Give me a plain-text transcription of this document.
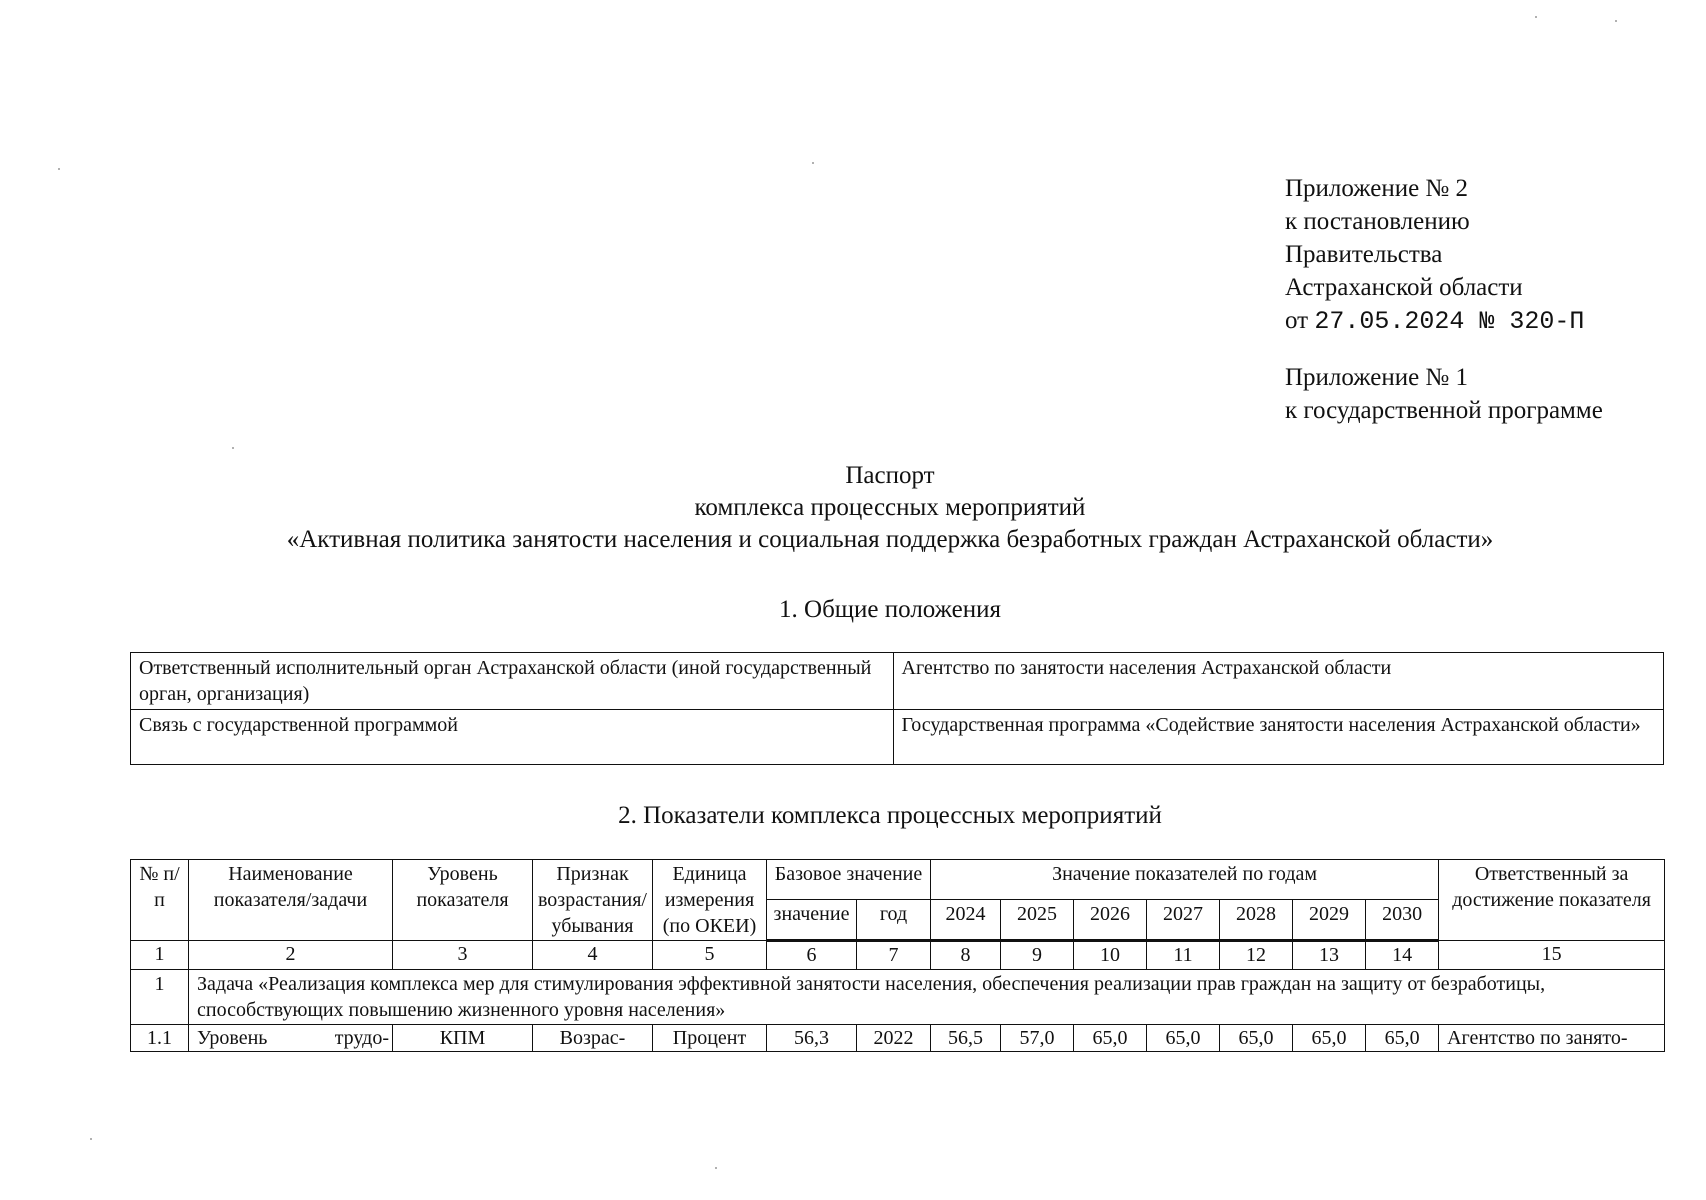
Приложение № 2
к постановлению
Правительства
Астраханской области
от 27.05.2024 № 320-П
Приложение № 1
к государственной программе
Паспорт
комплекса процессных мероприятий
«Активная политика занятости населения и социальная поддержка безработных граждан Астраханской области»
1. Общие положения
Ответственный исполнительный орган Астраханской области (иной государственный орган, организация)	Агентство по занятости населения Астраханской области
Связь с государственной программой	Государственная программа «Содействие занятости населения Астраханской области»
2. Показатели комплекса процессных мероприятий
№ п/п	Наименование показателя/задачи	Уровень показателя	Признак возрастания/ убывания	Единица измерения (по ОКЕИ)	Базовое значение		Значение показателей по годам							Ответственный за достижение показателя
					значение	год	2024	2025	2026	2027	2028	2029	2030	
1	2	3	4	5	6	7	8	9	10	11	12	13	14	15
1	Задача «Реализация комплекса мер для стимулирования эффективной занятости населения, обеспечения реализации прав граждан на защиту от безработицы, способствующих повышению жизненного уровня населения»													
1.1	Уровень трудо-	КПМ	Возрас-	Процент	56,3	2022	56,5	57,0	65,0	65,0	65,0	65,0	65,0	Агентство по занято-
